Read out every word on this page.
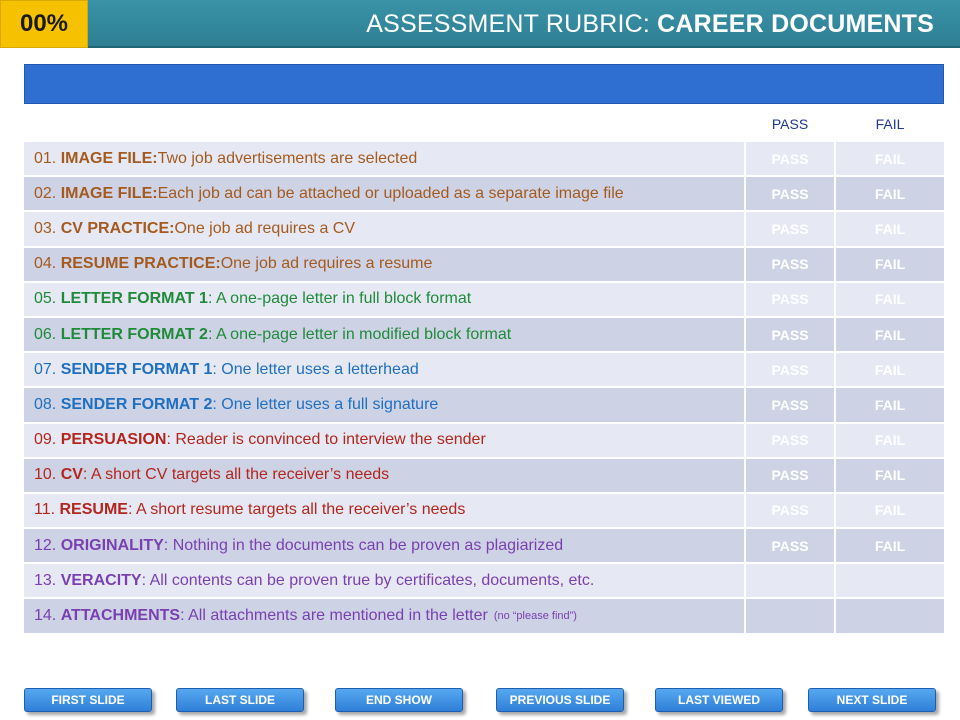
ASSESSMENT RUBRIC: CAREER DOCUMENTS
00%
PASS	FAIL
01 . IMAGE FILE: Two job advertisements are selected	PASS	FAIL
02 . IMAGE FILE: Each job ad can be attached or uploaded as a separate image file	PASS	FAIL
03 . CV PRACTICE: One job ad requires a CV	PASS	FAIL
04 . RESUME PRACTICE: One job ad requires a resume	PASS	FAIL
05 . LETTER FORMAT 1 : A one-page letter in full block format	PASS	FAIL
06 . LETTER FORMAT 2 : A one-page letter in modified block format	PASS	FAIL
07 . SENDER FORMAT 1 : One letter uses a letterhead	PASS	FAIL
08 . SENDER FORMAT 2 : One letter uses a full signature	PASS	FAIL
09 . PERSUASION : Reader is convinced to interview the sender	PASS	FAIL
10 . CV : A short CV targets all the receiver’s needs	PASS	FAIL
11 . RESUME : A short resume targets all the receiver’s needs	PASS	FAIL
12 . ORIGINALITY : Nothing in the documents can be proven as plagiarized	PASS	FAIL
13 . VERACITY : All contents can be proven true by certificates, documents, etc.
14 . ATTACHMENTS : All attachments are mentioned in the letter (no “please find”)
FIRST SLIDE	LAST SLIDE	END SHOW	PREVIOUS SLIDE	LAST VIEWED	NEXT SLIDE
